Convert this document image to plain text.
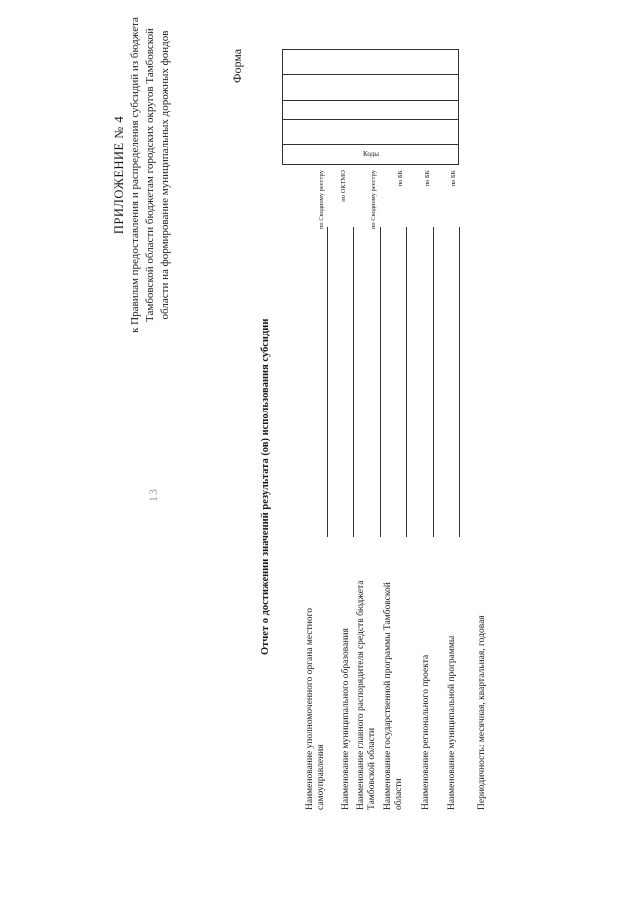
13
ПРИЛОЖЕНИЕ № 4 к Правилам предоставления и распределения субсидий из бюджета Тамбовской области бюджетам городских округов Тамбовской области на формирование муниципальных дорожных фондов	Форма
Отчет о достижении значений результата (ов) использования субсидии
Наименование уполномоченного органа местного самоуправления
по Сводному реестру
Наименование муниципального образования
по ОКТМО
Наименование главного распорядителя средств бюджета Тамбовской области
по Сводному реестру
Наименование государственной программы Тамбовской области
по БК
Наименование регионального проекта
по БК
Наименование муниципальной программы
по БК
Периодичность: месячная, квартальная, годовая
Коды
